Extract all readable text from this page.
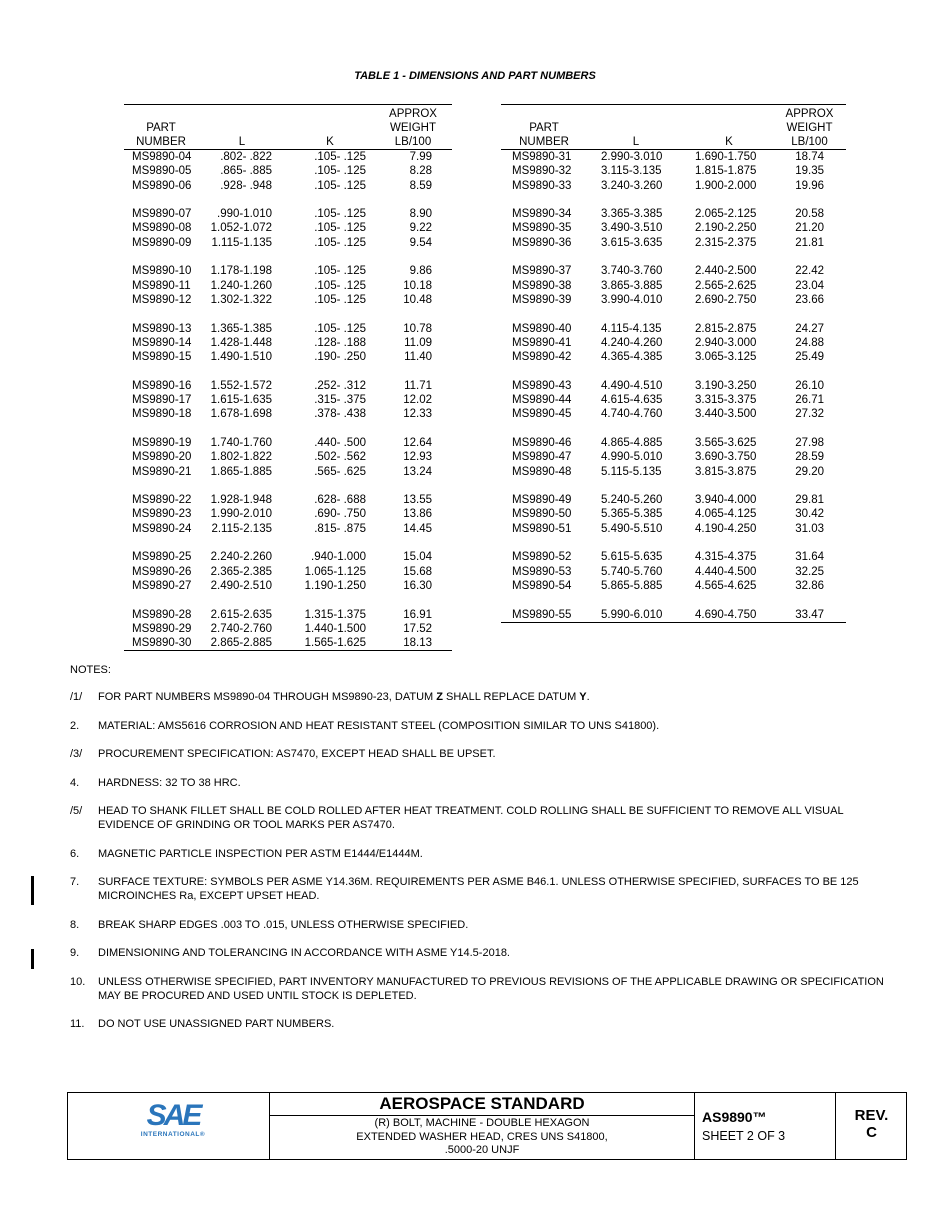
TABLE 1 - DIMENSIONS AND PART NUMBERS
PART
NUMBER	L	K	APPROX
WEIGHT
LB/100
MS9890-04	.802- .822	.105- .125	7.99
MS9890-05	.865- .885	.105- .125	8.28
MS9890-06	.928- .948	.105- .125	8.59
MS9890-07	.990-1.010	.105- .125	8.90
MS9890-08	1.052-1.072	.105- .125	9.22
MS9890-09	1.115-1.135	.105- .125	9.54
MS9890-10	1.178-1.198	.105- .125	9.86
MS9890-11	1.240-1.260	.105- .125	10.18
MS9890-12	1.302-1.322	.105- .125	10.48
MS9890-13	1.365-1.385	.105- .125	10.78
MS9890-14	1.428-1.448	.128- .188	11.09
MS9890-15	1.490-1.510	.190- .250	11.40
MS9890-16	1.552-1.572	.252- .312	11.71
MS9890-17	1.615-1.635	.315- .375	12.02
MS9890-18	1.678-1.698	.378- .438	12.33
MS9890-19	1.740-1.760	.440- .500	12.64
MS9890-20	1.802-1.822	.502- .562	12.93
MS9890-21	1.865-1.885	.565- .625	13.24
MS9890-22	1.928-1.948	.628- .688	13.55
MS9890-23	1.990-2.010	.690- .750	13.86
MS9890-24	2.115-2.135	.815- .875	14.45
MS9890-25	2.240-2.260	.940-1.000	15.04
MS9890-26	2.365-2.385	1.065-1.125	15.68
MS9890-27	2.490-2.510	1.190-1.250	16.30
MS9890-28	2.615-2.635	1.315-1.375	16.91
MS9890-29	2.740-2.760	1.440-1.500	17.52
MS9890-30	2.865-2.885	1.565-1.625	18.13
PART
NUMBER	L	K	APPROX
WEIGHT
LB/100
MS9890-31	2.990-3.010	1.690-1.750	18.74
MS9890-32	3.115-3.135	1.815-1.875	19.35
MS9890-33	3.240-3.260	1.900-2.000	19.96
MS9890-34	3.365-3.385	2.065-2.125	20.58
MS9890-35	3.490-3.510	2.190-2.250	21.20
MS9890-36	3.615-3.635	2.315-2.375	21.81
MS9890-37	3.740-3.760	2.440-2.500	22.42
MS9890-38	3.865-3.885	2.565-2.625	23.04
MS9890-39	3.990-4.010	2.690-2.750	23.66
MS9890-40	4.115-4.135	2.815-2.875	24.27
MS9890-41	4.240-4.260	2.940-3.000	24.88
MS9890-42	4.365-4.385	3.065-3.125	25.49
MS9890-43	4.490-4.510	3.190-3.250	26.10
MS9890-44	4.615-4.635	3.315-3.375	26.71
MS9890-45	4.740-4.760	3.440-3.500	27.32
MS9890-46	4.865-4.885	3.565-3.625	27.98
MS9890-47	4.990-5.010	3.690-3.750	28.59
MS9890-48	5.115-5.135	3.815-3.875	29.20
MS9890-49	5.240-5.260	3.940-4.000	29.81
MS9890-50	5.365-5.385	4.065-4.125	30.42
MS9890-51	5.490-5.510	4.190-4.250	31.03
MS9890-52	5.615-5.635	4.315-4.375	31.64
MS9890-53	5.740-5.760	4.440-4.500	32.25
MS9890-54	5.865-5.885	4.565-4.625	32.86
MS9890-55	5.990-6.010	4.690-4.750	33.47
NOTES:
/1/	FOR PART NUMBERS MS9890-04 THROUGH MS9890-23, DATUM Z SHALL REPLACE DATUM Y.
2.	MATERIAL: AMS5616 CORROSION AND HEAT RESISTANT STEEL (COMPOSITION SIMILAR TO UNS S41800).
/3/	PROCUREMENT SPECIFICATION: AS7470, EXCEPT HEAD SHALL BE UPSET.
4.	HARDNESS: 32 TO 38 HRC.
/5/	HEAD TO SHANK FILLET SHALL BE COLD ROLLED AFTER HEAT TREATMENT. COLD ROLLING SHALL BE SUFFICIENT TO REMOVE ALL VISUAL EVIDENCE OF GRINDING OR TOOL MARKS PER AS7470.
6.	MAGNETIC PARTICLE INSPECTION PER ASTM E1444/E1444M.
7.	SURFACE TEXTURE: SYMBOLS PER ASME Y14.36M. REQUIREMENTS PER ASME B46.1. UNLESS OTHERWISE SPECIFIED, SURFACES TO BE 125 MICROINCHES Ra, EXCEPT UPSET HEAD.
8.	BREAK SHARP EDGES .003 TO .015, UNLESS OTHERWISE SPECIFIED.
9.	DIMENSIONING AND TOLERANCING IN ACCORDANCE WITH ASME Y14.5-2018.
10.	UNLESS OTHERWISE SPECIFIED, PART INVENTORY MANUFACTURED TO PREVIOUS REVISIONS OF THE APPLICABLE DRAWING OR SPECIFICATION MAY BE PROCURED AND USED UNTIL STOCK IS DEPLETED.
11.	DO NOT USE UNASSIGNED PART NUMBERS.
SAE
INTERNATIONAL®
AEROSPACE STANDARD
(R) BOLT, MACHINE - DOUBLE HEXAGON
EXTENDED WASHER HEAD, CRES UNS S41800,
.5000-20 UNJF
AS9890™
SHEET 2 OF 3
REV.
C
